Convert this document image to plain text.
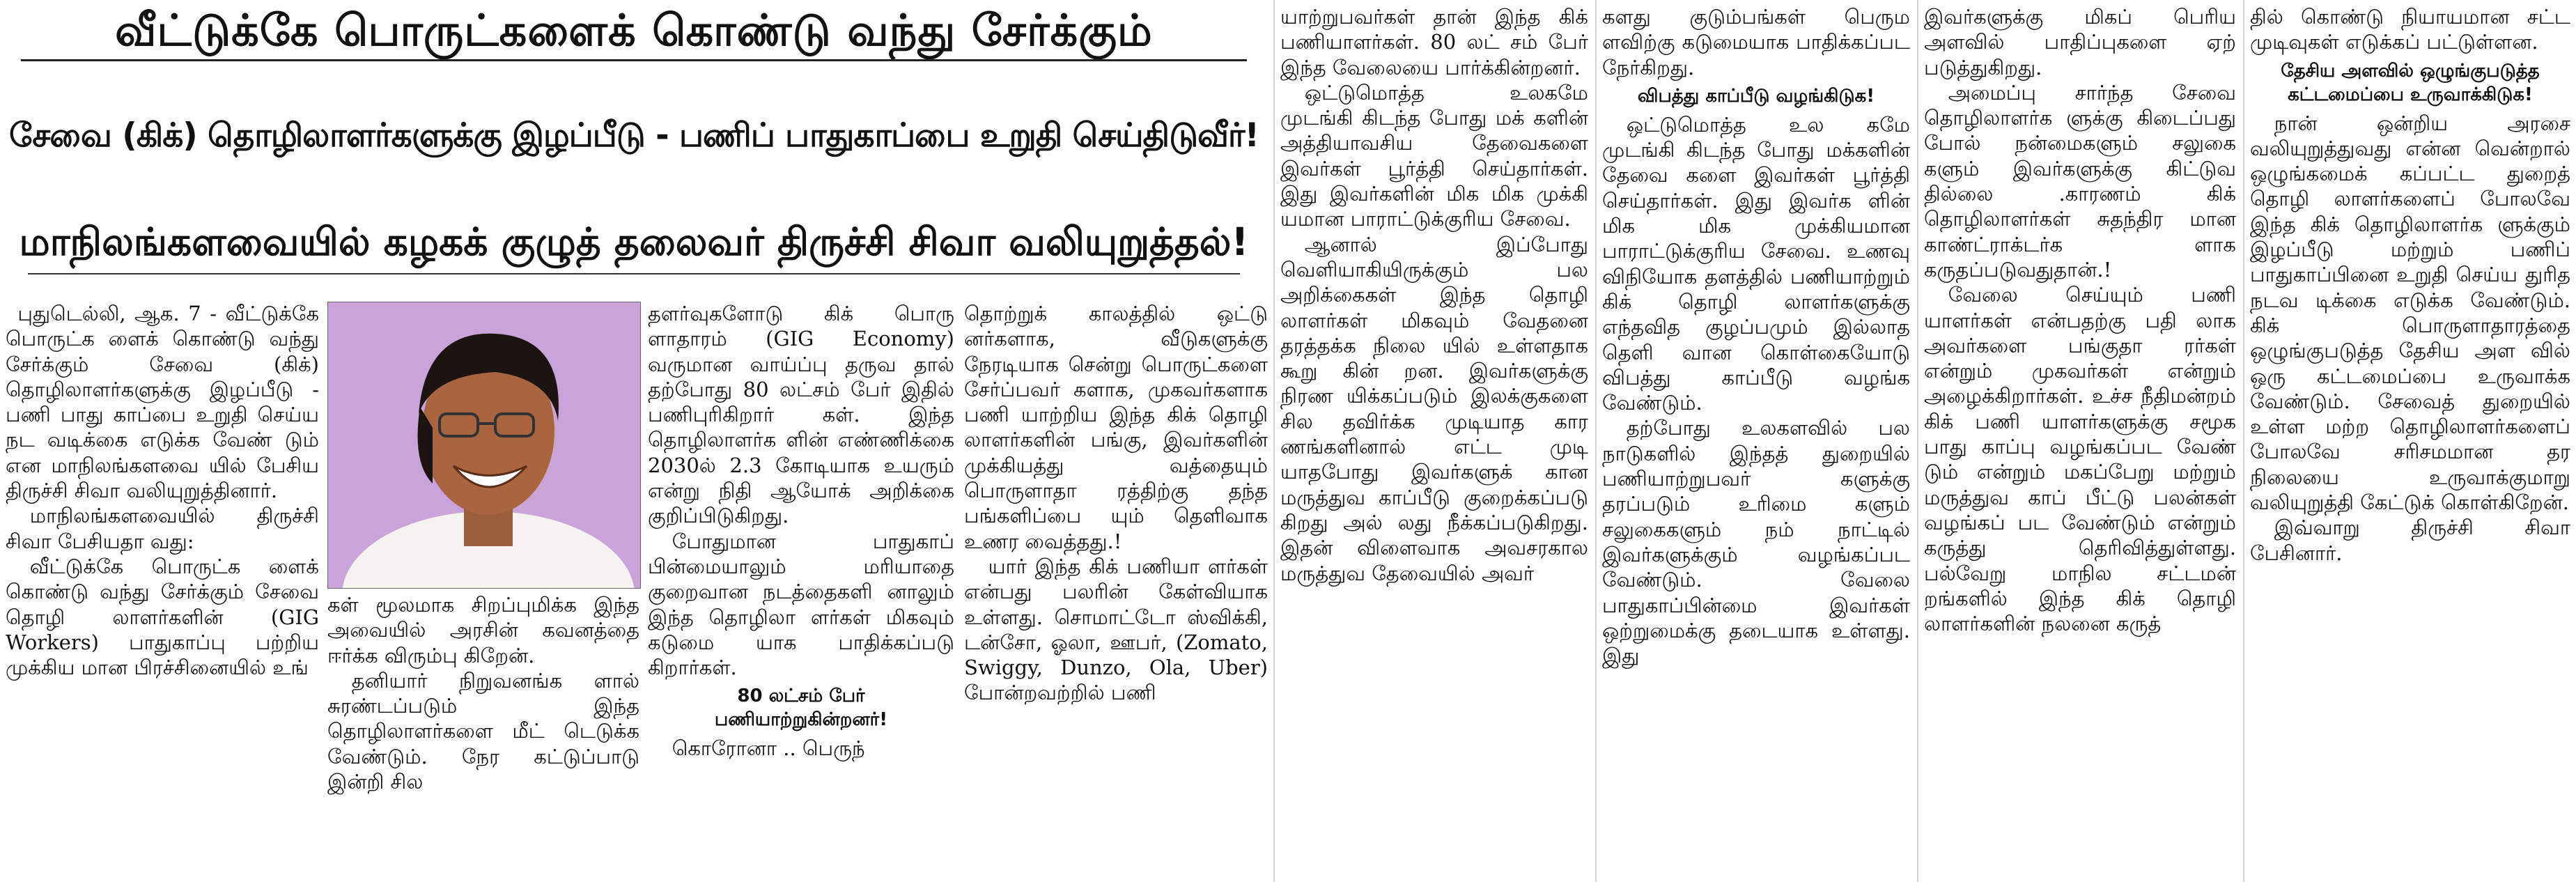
வீட்டுக்கே பொருட்களைக் கொண்டு வந்து சேர்க்கும்
சேவை (கிக்) தொழிலாளர்களுக்கு இழப்பீடு - பணிப் பாதுகாப்பை உறுதி செய்திடுவீர்!
மாநிலங்களவையில் கழகக் குழுத் தலைவர் திருச்சி சிவா வலியுறுத்தல்!

புதுடெல்லி, ஆக. 7 - வீட்டுக்கே பொருட்க ளைக் கொண்டு வந்து சேர்க்கும் சேவை (கிக்) தொழிலாளர்களுக்கு இழப்பீடு - பணி பாது காப்பை உறுதி செய்ய நட வடிக்கை எடுக்க வேண் டும் என மாநிலங்களவை யில் பேசிய திருச்சி சிவா வலியுறுத்தினார்.

மாநிலங்களவையில் திருச்சி சிவா பேசியதா வது:

வீட்டுக்கே பொருட்க ளைக் கொண்டு வந்து சேர்க்கும் சேவை தொழி லாளர்களின் (GIG Workers) பாதுகாப்பு பற்றிய முக்கிய மான பிரச்சினையில் உங்

கள் மூலமாக சிறப்புமிக்க இந்த அவையில் அரசின் கவனத்தை ஈர்க்க விரும்பு கிறேன்.

தனியார் நிறுவனங்க ளால் சுரண்டப்படும் இந்த தொழிலாளர்களை மீட் டெடுக்க வேண்டும். நேர கட்டுப்பாடு இன்றி சில

தளர்வுகளோடு கிக் பொரு ளாதாரம் (GIG Economy) வருமான வாய்ப்பு தருவ தால் தற்போது 80 லட்சம் பேர் இதில் பணிபுரிகிறார் கள். இந்த தொழிலாளர்க ளின் எண்ணிக்கை 2030ல் 2.3 கோடியாக உயரும் என்று நிதி ஆயோக் அறிக்கை குறிப்பிடுகிறது.

போதுமான பாதுகாப் பின்மையாலும் மரியாதை குறைவான நடத்தைகளி னாலும் இந்த தொழிலா ளர்கள் மிகவும் கடுமை யாக பாதிக்கப்படு கிறார்கள்.

80 லட்சம் பேர் பணியாற்றுகின்றனர்!

கொரோனா .. பெருந்

தொற்றுக் காலத்தில் ஒட்டு னர்களாக, வீடுகளுக்கு நேரடியாக சென்று பொருட்களை சேர்ப்பவர் களாக, முகவர்களாக பணி யாற்றிய இந்த கிக் தொழி லாளர்களின் பங்கு, இவர்களின் முக்கியத்து வத்தையும் பொருளாதா ரத்திற்கு தந்த பங்களிப்பை யும் தெளிவாக உணர வைத்தது.!

யார் இந்த கிக் பணியா ளர்கள் என்பது பலரின் கேள்வியாக உள்ளது. சொமாட்டோ ஸ்விக்கி, டன்சோ, ஓலா, ஊபர், (Zomato, Swiggy, Dunzo, Ola, Uber) போன்றவற்றில் பணி

யாற்றுபவர்கள் தான் இந்த கிக் பணியாளர்கள். 80 லட் சம் பேர் இந்த வேலையை பார்க்கின்றனர்.

ஒட்டுமொத்த உலகமே முடங்கி கிடந்த போது மக் களின் அத்தியாவசிய தேவைகளை இவர்கள் பூர்த்தி செய்தார்கள். இது இவர்களின் மிக மிக முக்கி யமான பாராட்டுக்குரிய சேவை.

ஆனால் இப்போது வெளியாகியிருக்கும் பல அறிக்கைகள் இந்த தொழி லாளர்கள் மிகவும் வேதனை தரத்தக்க நிலை யில் உள்ளதாக கூறு கின் றன. இவர்களுக்கு நிரண யிக்கப்படும் இலக்குகளை சில தவிர்க்க முடியாத கார ணங்களினால் எட்ட முடி யாதபோது இவர்களுக் கான மருத்துவ காப்பீடு குறைக்கப்படு கிறது அல் லது நீக்கப்படுகிறது. இதன் விளைவாக அவசரகால மருத்துவ தேவையில் அவர்

களது குடும்பங்கள் பெரும ளவிற்கு கடுமையாக பாதிக்கப்பட நேர்கிறது.

விபத்து காப்பீடு வழங்கிடுக!

ஒட்டுமொத்த உல கமே முடங்கி கிடந்த போது மக்களின் தேவை களை இவர்கள் பூர்த்தி செய்தார்கள். இது இவர்க ளின் மிக மிக முக்கியமான பாராட்டுக்குரிய சேவை. உணவு விநியோக தளத்தில் பணியாற்றும் கிக் தொழி லாளர்களுக்கு எந்தவித குழப்பமும் இல்லாத தெளி வான கொள்கையோடு விபத்து காப்பீடு வழங்க வேண்டும்.

தற்போது உலகளவில் பல நாடுகளில் இந்தத் துறையில் பணியாற்றுபவர் களுக்கு தரப்படும் உரிமை களும் சலுகைகளும் நம் நாட்டில் இவர்களுக்கும் வழங்கப்பட வேண்டும். வேலை பாதுகாப்பின்மை இவர்கள் ஒற்றுமைக்கு தடையாக உள்ளது. இது

இவர்களுக்கு மிகப் பெரிய அளவில் பாதிப்புகளை ஏற் படுத்துகிறது.

அமைப்பு சார்ந்த சேவை தொழிலாளர்க ளுக்கு கிடைப்பது போல் நன்மைகளும் சலுகை களும் இவர்களுக்கு கிட்டுவ தில்லை .காரணம் கிக் தொழிலாளர்கள் சுதந்திர மான காண்ட்ராக்டர்க ளாக கருதப்படுவதுதான்.!

வேலை செய்யும் பணி யாளர்கள் என்பதற்கு பதி லாக அவர்களை பங்குதா ரர்கள் என்றும் முகவர்கள் என்றும் அழைக்கிறார்கள். உச்ச நீதிமன்றம் கிக் பணி யாளர்களுக்கு சமூக பாது காப்பு வழங்கப்பட வேண் டும் என்றும் மகப்பேறு மற்றும் மருத்துவ காப் பீட்டு பலன்கள் வழங்கப் பட வேண்டும் என்றும் கருத்து தெரிவித்துள்ளது. பல்வேறு மாநில சட்டமன் றங்களில் இந்த கிக் தொழி லாளர்களின் நலனை கருத்

தில் கொண்டு நியாயமான சட்ட முடிவுகள் எடுக்கப் பட்டுள்ளன.

தேசிய அளவில் ஒழுங்குபடுத்த கட்டமைப்பை உருவாக்கிடுக!

நான் ஒன்றிய அரசை வலியுறுத்துவது என்ன வென்றால் ஒழுங்கமைக் கப்பட்ட துறைத் தொழி லாளர்களைப் போலவே இந்த கிக் தொழிலாளர்க ளுக்கும் இழப்பீடு மற்றும் பணிப் பாதுகாப்பினை உறுதி செய்ய துரித நடவ டிக்கை எடுக்க வேண்டும். கிக் பொருளாதாரத்தை ஒழுங்குபடுத்த தேசிய அள வில் ஒரு கட்டமைப்பை உருவாக்க வேண்டும். சேவைத் துறையில் உள்ள மற்ற தொழிலாளர்களைப் போலவே சரிசமமான தர நிலையை உருவாக்குமாறு வலியுறுத்தி கேட்டுக் கொள்கிறேன்.

இவ்வாறு திருச்சி சிவா பேசினார்.
